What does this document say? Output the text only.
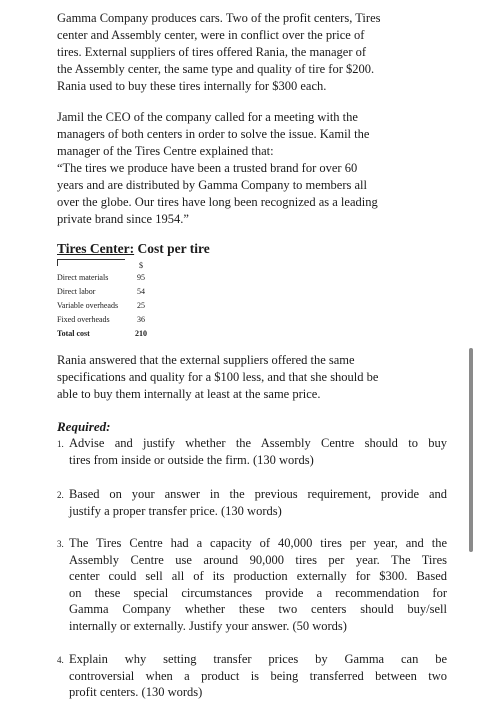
Gamma Company produces cars. Two of the profit centers, Tires
center and Assembly center, were in conflict over the price of
tires. External suppliers of tires offered Rania, the manager of
the Assembly center, the same type and quality of tire for $200.
Rania used to buy these tires internally for $300 each.
Jamil the CEO of the company called for a meeting with the
managers of both centers in order to solve the issue. Kamil the
manager of the Tires Centre explained that:
“The tires we produce have been a trusted brand for over 60
years and are distributed by Gamma Company to members all
over the globe. Our tires have long been recognized as a leading
private brand since 1954.”
Tires Center: Cost per tire
$
Direct materials	95
Direct labor	54
Variable overheads	25
Fixed overheads	36
Total cost	210
Rania answered that the external suppliers offered the same
specifications and quality for a $100 less, and that she should be
able to buy them internally at least at the same price.
Required:
1. Advise and justify whether the Assembly Centre should to buy
tires from inside or outside the firm. (130 words)
2. Based on your answer in the previous requirement, provide and
justify a proper transfer price. (130 words)
3. The Tires Centre had a capacity of 40,000 tires per year, and the
Assembly Centre use around 90,000 tires per year. The Tires
center could sell all of its production externally for $300. Based
on these special circumstances provide a recommendation for
Gamma Company whether these two centers should buy/sell
internally or externally. Justify your answer. (50 words)
4. Explain why setting transfer prices by Gamma can be
controversial when a product is being transferred between two
profit centers. (130 words)
